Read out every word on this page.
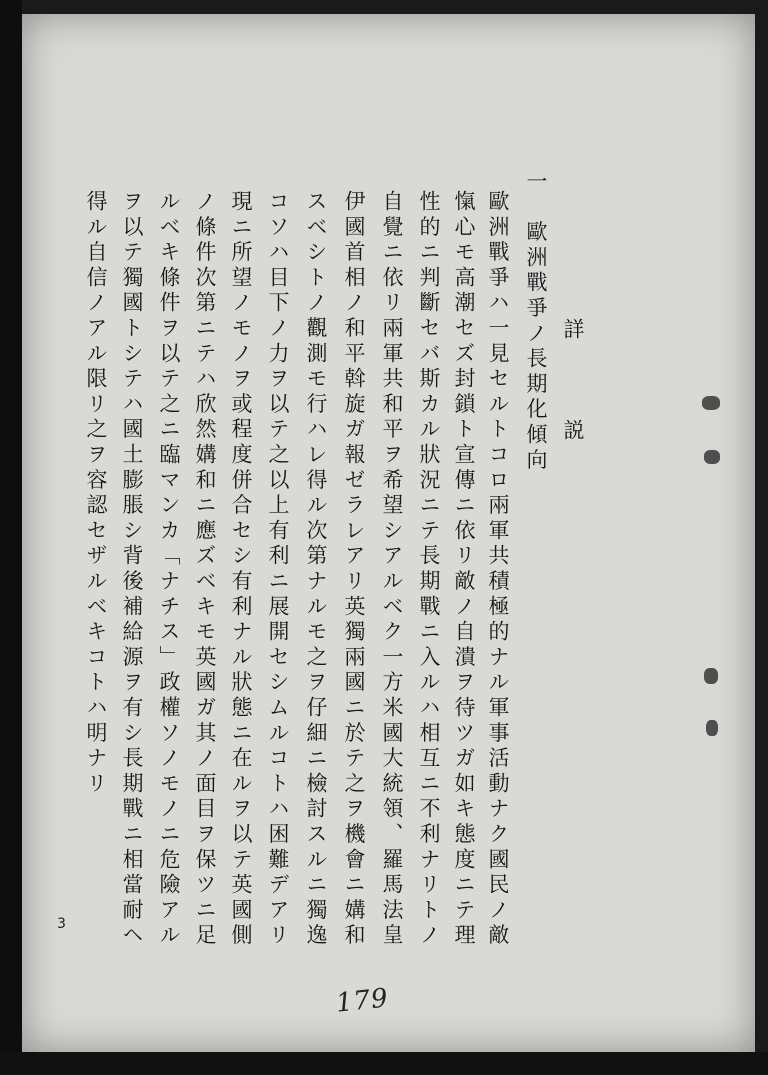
詳　　　説
一　歐洲戰爭ノ長期化傾向
歐洲戰爭ハ一見セルトコロ兩軍共積極的ナル軍事活動ナク國民ノ敵
愾心モ高潮セズ封鎖ト宣傳ニ依リ敵ノ自潰ヲ待ツガ如キ態度ニテ理
性的ニ判斷セバ斯カル狀況ニテ長期戰ニ入ルハ相互ニ不利ナリトノ
自覺ニ依リ兩軍共和平ヲ希望シアルベク一方米國大統領、羅馬法皇
伊國首相ノ和平斡旋ガ報ゼラレアリ英獨兩國ニ於テ之ヲ機會ニ媾和
スベシトノ觀測モ行ハレ得ル次第ナルモ之ヲ仔細ニ檢討スルニ獨逸
コソハ目下ノ力ヲ以テ之以上有利ニ展開セシムルコトハ困難デアリ
現ニ所望ノモノヲ或程度併合セシ有利ナル狀態ニ在ルヲ以テ英國側
ノ條件次第ニテハ欣然媾和ニ應ズベキモ英國ガ其ノ面目ヲ保ツニ足
ルベキ條件ヲ以テ之ニ臨マンカ「ナチス」政權ソノモノニ危險アル
ヲ以テ獨國トシテハ國土膨脹シ背後補給源ヲ有シ長期戰ニ相當耐ヘ
得ル自信ノアル限リ之ヲ容認セザルベキコトハ明ナリ
3
179
